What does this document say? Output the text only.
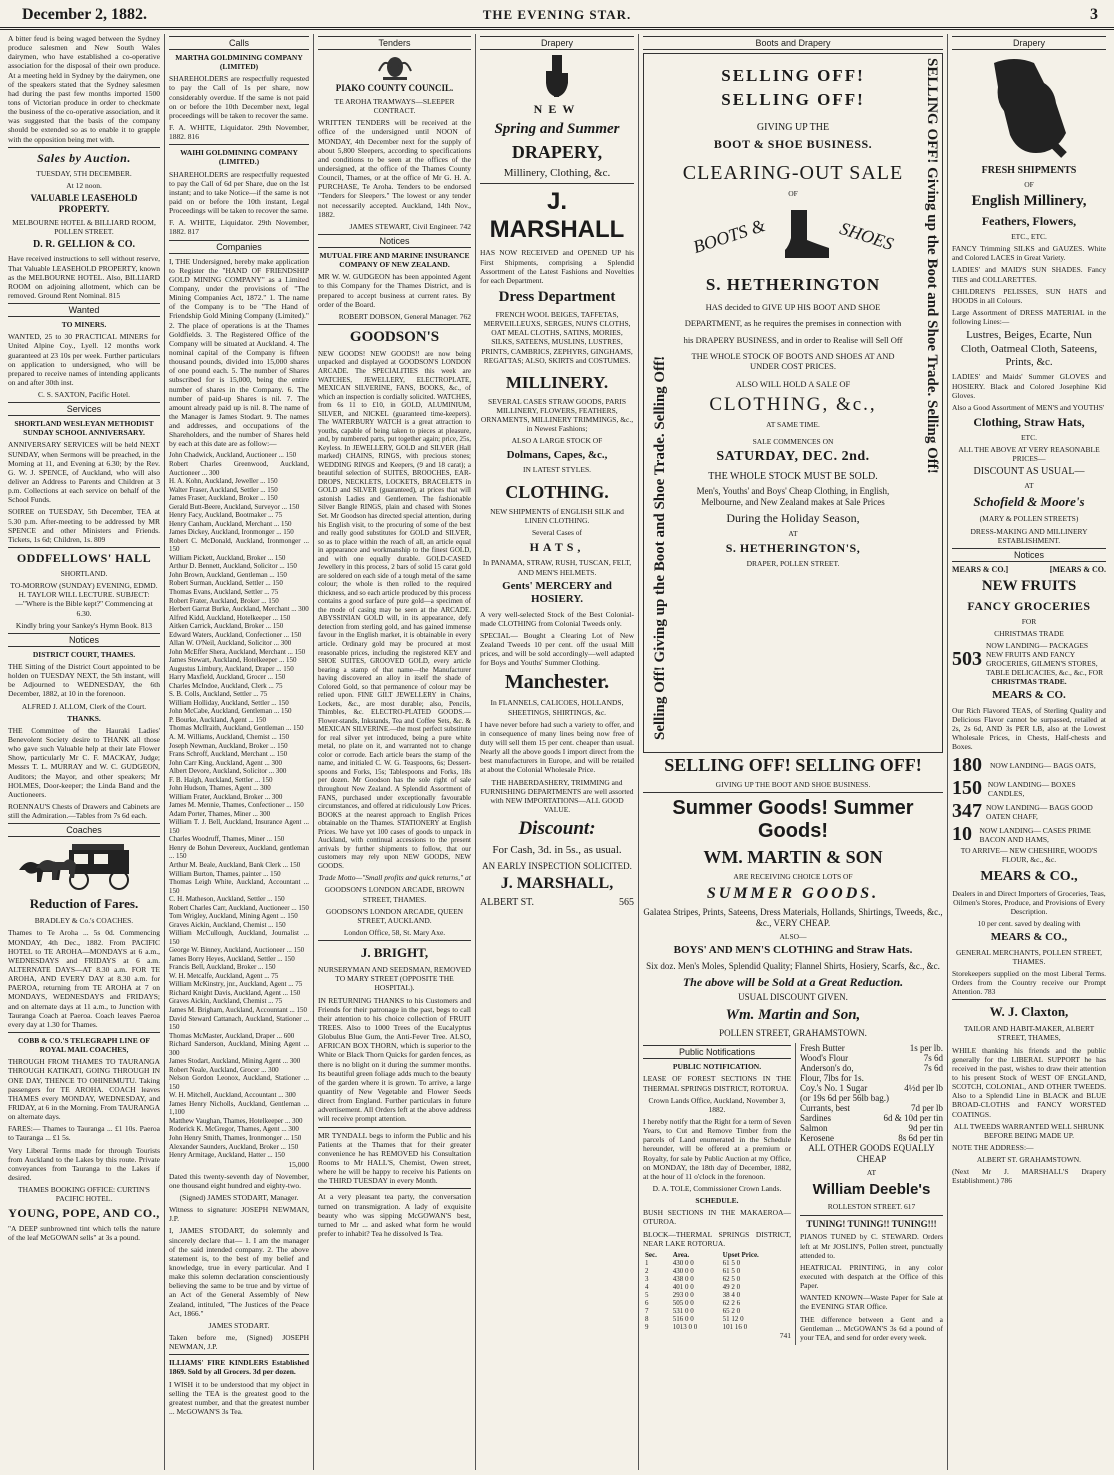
December 2, 1882.	THE EVENING STAR.	3

A bitter feud is being waged between the Sydney produce salesmen and New South Wales dairymen, who have established a co-operative association for the disposal of their own produce. At a meeting held in Sydney by the dairymen, one of the speakers stated that the Sydney salesmen had during the past few months imported 1500 tons of Victorian produce in order to checkmate the business of the co-operative association, and it was suggested that the basis of the company should be extended so as to enable it to grapple with the opposition being met with.

Sales by Auction.

TUESDAY, 5TH DECEMBER.

At 12 noon.

VALUABLE LEASEHOLD PROPERTY.

MELBOURNE HOTEL & BILLIARD ROOM, POLLEN STREET.

D. R. GELLION & CO.

Have received instructions to sell without reserve, That Valuable LEASEHOLD PROPERTY, known as the MELBOURNE HOTEL. Also, BILLIARD ROOM on adjoining allotment, which can be removed. Ground Rent Nominal. 815

Wanted

TO MINERS.

WANTED, 25 to 30 PRACTICAL MINERS for United Alpine Coy., Lyell. 12 months work guaranteed at 23 10s per week. Further particulars on application to undersigned, who will be prepared to receive names of intending applicants on and after 30th inst.

C. S. SAXTON, Pacific Hotel.

Services

SHORTLAND WESLEYAN METHODIST SUNDAY SCHOOL ANNIVERSARY.

ANNIVERSARY SERVICES will be held NEXT SUNDAY, when Sermons will be preached, in the Morning at 11, and Evening at 6.30; by the Rev. G. W. J. SPENCE, of Auckland, who will also deliver an Address to Parents and Children at 3 p.m. Collections at each service on behalf of the School Funds.

SOIREE on TUESDAY, 5th December, TEA at 5.30 p.m. After-meeting to be addressed by MR SPENCE and other Ministers and Friends. Tickets, 1s 6d; Children, 1s. 809

ODDFELLOWS' HALL

SHORTLAND.

TO-MORROW (SUNDAY) EVENING, EDMD. H. TAYLOR WILL LECTURE. SUBJECT:—"Where is the Bible kept?" Commencing at 6.30.

Kindly bring your Sankey's Hymn Book. 813

Notices

DISTRICT COURT, THAMES.

THE Sitting of the District Court appointed to be holden on TUESDAY NEXT, the 5th instant, will be Adjourned to WEDNESDAY, the 6th December, 1882, at 10 in the forenoon.

ALFRED J. ALLOM, Clerk of the Court.

THANKS.

THE Committee of the Hauraki Ladies' Benevolent Society desire to THANK all those who gave such Valuable help at their late Flower Show, particularly Mr C. F. MACKAY, Judge; Messrs T. L. MURRAY and W. C. GUDGEON, Auditors; the Mayor, and other speakers; Mr HOLMES, Door-keeper; the Linda Band and the Auctioneers.

ROENNAU'S Chests of Drawers and Cabinets are still the Admiration.—Tables from 7s 6d each.

Coaches

Reduction of Fares.

BRADLEY & Co.'s COACHES.

Thames to Te Aroha ... 5s 0d. Commencing MONDAY, 4th Dec., 1882. From PACIFIC HOTEL to TE AROHA—MONDAYS at 6 a.m., WEDNESDAYS and FRIDAYS at 6 a.m. ALTERNATE DAYS—AT 8.30 a.m. FOR TE AROHA, AND EVERY DAY at 8.30 a.m. for PAEROA, returning from TE AROHA at 7 on MONDAYS, WEDNESDAYS and FRIDAYS; and on alternate days at 11 a.m., to Junction with Tauranga Coach at Paeroa. Coach leaves Paeroa every day at 1.30 for Thames.

COBB & CO.'S TELEGRAPH LINE OF ROYAL MAIL COACHES,

THROUGH FROM THAMES TO TAURANGA THROUGH KATIKATI, GOING THROUGH IN ONE DAY, THENCE TO OHINEMUTU. Taking passengers for TE AROHA. COACH leaves THAMES every MONDAY, WEDNESDAY, and FRIDAY, at 6 in the Morning. From TAURANGA on alternate days.

FARES:— Thames to Tauranga ... £1 10s. Paeroa to Tauranga ... £1 5s.

Very Liberal Terms made for through Tourists from Auckland to the Lakes by this route. Private conveyances from Tauranga to the Lakes if desired.

THAMES BOOKING OFFICE: CURTIN'S PACIFIC HOTEL.

YOUNG, POPE, AND CO.,

"A DEEP sunbrowned tint which tells the nature of the leaf McGOWAN sells" at 3s a pound.

Calls

MARTHA GOLDMINING COMPANY (LIMITED)

SHAREHOLDERS are respectfully requested to pay the Call of 1s per share, now considerably overdue. If the same is not paid on or before the 10th December next, legal proceedings will be taken to recover the same.

F. A. WHITE, Liquidator. 29th November, 1882. 816

WAIHI GOLDMINING COMPANY (LIMITED.)

SHAREHOLDERS are respectfully requested to pay the Call of 6d per Share, due on the 1st instant; and to take Notice—if the same is not paid on or before the 10th instant, Legal Proceedings will be taken to recover the same.

F. A. WHITE, Liquidator. 29th November, 1882. 817

Companies

I, THE Undersigned, hereby make application to Register the "HAND OF FRIENDSHIP GOLD MINING COMPANY" as a Limited Company, under the provisions of "The Mining Companies Act, 1872." 1. The name of the Company is to be "The Hand of Friendship Gold Mining Company (Limited)." 2. The place of operations is at the Thames Goldfields. 3. The Registered Office of the Company will be situated at Auckland. 4. The nominal capital of the Company is fifteen thousand pounds, divided into 15,000 shares of one pound each. 5. The number of Shares subscribed for is 15,000, being the entire number of shares in the Company. 6. The number of paid-up Shares is nil. 7. The amount already paid up is nil. 8. The name of the Manager is James Stodart. 9. The names and addresses, and occupations of the Shareholders, and the number of Shares held by each at this date are as follow:—

John Chadwick, Auckland, Auctioneer ... 150

Robert Charles Greenwood, Auckland, Auctioneer ... 300

H. A. Kohn, Auckland, Jeweller ... 150

Walter Fraser, Auckland, Settler ... 150

James Fraser, Auckland, Broker ... 150

Gerald Butt-Beere, Auckland, Surveyor ... 150

Henry Facy, Auckland, Bootmaker ... 75

Henry Canham, Auckland, Merchant ... 150

James Dickey, Auckland, Ironmonger ... 150

Robert C. McDonald, Auckland, Ironmonger ... 150

William Pickett, Auckland, Broker ... 150

Arthur D. Bennett, Auckland, Solicitor ... 150

John Brown, Auckland, Gentleman ... 150

Robert Surman, Auckland, Settler ... 150

Thomas Evans, Auckland, Settler ... 75

Robert Frater, Auckland, Broker ... 150

Herbert Garrat Burke, Auckland, Merchant ... 300

Alfred Kidd, Auckland, Hotelkeeper ... 150

Aitken Carrick, Auckland, Broker ... 150

Edward Waters, Auckland, Confectioner ... 150

Allan W. O'Neil, Auckland, Solicitor ... 300

John McEffer Shera, Auckland, Merchant ... 150

James Stewart, Auckland, Hotelkeeper ... 150

Augustus Limbury, Auckland, Draper ... 150

Harry Maxfield, Auckland, Grocer ... 150

Charles McIndoe, Auckland, Clerk ... 75

S. B. Colls, Auckland, Settler ... 75

William Holliday, Auckland, Settler ... 150

John McCabe, Auckland, Gentleman ... 150

P. Bourke, Auckland, Agent ... 150

Thomas McIlraith, Auckland, Gentleman ... 150

A. M. Williams, Auckland, Chemist ... 150

Joseph Newman, Auckland, Broker ... 150

Frans Schroff, Auckland, Merchant ... 150

John Carr King, Auckland, Agent ... 300

Albert Devore, Auckland, Solicitor ... 300

F. B. Haigh, Auckland, Settler ... 150

John Hudson, Thames, Agent ... 300

William Frater, Auckland, Broker ... 300

James M. Mennie, Thames, Confectioner ... 150

Adam Porter, Thames, Miner ... 300

William T. J. Bell, Auckland, Insurance Agent ... 150

Charles Woodruff, Thames, Miner ... 150

Henry de Bohun Devereux, Auckland, gentleman ... 150

Arthur M. Beale, Auckland, Bank Clerk ... 150

William Burton, Thames, painter ... 150

Thomas Leigh White, Auckland, Accountant ... 150

C. H. Matheson, Auckland, Settler ... 150

Robert Charles Carr, Auckland, Auctioneer ... 150

Tom Wrigley, Auckland, Mining Agent ... 150

Graves Aickin, Auckland, Chemist ... 150

William McCullough, Auckland, Journalist ... 150

George W. Binney, Auckland, Auctioneer ... 150

James Borry Heyes, Auckland, Settler ... 150

Francis Bell, Auckland, Broker ... 150

W. H. Metcalfe, Auckland, Agent ... 75

William McKinstry, jnr., Auckland, Agent ... 75

Richard Knight Davis, Auckland, Agent ... 150

Graves Aickin, Auckland, Chemist ... 75

James M. Brigham, Auckland, Accountant ... 150

David Steward Cattanach, Auckland, Stationer ... 150

Thomas McMaster, Auckland, Draper ... 600

Richard Sanderson, Auckland, Mining Agent ... 300

James Stodart, Auckland, Mining Agent ... 300

Robert Neale, Auckland, Grocer ... 300

Nelson Gordon Leonox, Auckland, Stationer ... 150

W. H. Mitchell, Auckland, Accountant ... 300

James Henry Nicholls, Auckland, Gentleman ... 1,100

Matthew Vaughan, Thames, Hotelkeeper ... 300

Roderick K. McGregor, Thames, Agent ... 300

John Henry Smith, Thames, Ironmonger ... 150

Alexander Saunders, Auckland, Broker ... 150

Henry Armitage, Auckland, Hatter ... 150

15,000

Dated this twenty-seventh day of November, one thousand eight hundred and eighty-two.

(Signed) JAMES STODART, Manager.

Witness to signature: JOSEPH NEWMAN, J.P.

I, JAMES STODART, do solemnly and sincerely declare that— 1. I am the manager of the said intended company. 2. The above statement is, to the best of my belief and knowledge, true in every particular. And I make this solemn declaration conscientiously believing the same to be true and by virtue of an Act of the General Assembly of New Zealand, intituled, "The Justices of the Peace Act, 1866."

JAMES STODART.

Taken before me, (Signed) JOSEPH NEWMAN, J.P.

ILLIAMS' FIRE KINDLERS Established 1869. Sold by all Grocers. 3d per dozen.

I WISH it to be understood that my object in selling the TEA is the greatest good to the greatest number, and that the greatest number ... McGOWAN'S 3s Tea.

Tenders

PIAKO COUNTY COUNCIL.

TE AROHA TRAMWAYS—SLEEPER CONTRACT.

WRITTEN TENDERS will be received at the office of the undersigned until NOON of MONDAY, 4th December next for the supply of about 5,800 Sleepers, according to specifications and conditions to be seen at the offices of the undersigned, at the office of the Thames County Council, Thames, or at the office of Mr G. H. A. PURCHASE, Te Aroha. Tenders to be endorsed "Tenders for Sleepers." The lowest or any tender not necessarily accepted. Auckland, 14th Nov., 1882.

JAMES STEWART, Civil Engineer. 742

Notices

MUTUAL FIRE AND MARINE INSURANCE COMPANY OF NEW ZEALAND.

MR W. W. GUDGEON has been appointed Agent to this Company for the Thames District, and is prepared to accept business at current rates. By order of the Board.

ROBERT DOBSON, General Manager. 762

GOODSON'S

NEW GOODS! NEW GOODS!! are now being unpacked and displayed at GOODSON'S LONDON ARCADE. The SPECIALITIES this week are WATCHES, JEWELLERY, ELECTROPLATE, MEXICAN SILVERINE, FANS, BOOKS, &c., of which an inspection is cordially solicited. WATCHES, from 6s 11 to £10, in GOLD, ALUMINIUM, SILVER, and NICKEL (guaranteed time-keepers). The WATERBURY WATCH is a great attraction to youths, capable of being taken to pieces at pleasure, and, by numbered parts, put together again; price, 25s, Keyless. In JEWELLERY, GOLD and SILVER (Hall marked) CHAINS, RINGS, with precious stones; WEDDING RINGS and Keepers, (9 and 18 carat); a beautiful selection of SUITES, BROOCHES, EAR-DROPS, NECKLETS, LOCKETS, BRACELETS in GOLD and SILVER (guaranteed), at prices that will astonish Ladies and Gentlemen. The fashionable Silver Bangle RINGS, plain and chased with Stones Set. Mr Goodson has directed special attention, during his English visit, to the procuring of some of the best and really good substitutes for GOLD and SILVER, so as to place within the reach of all, an article equal in appearance and workmanship to the finest GOLD, and with one equally durable. GOLD-CASED Jewellery in this process, 2 bars of solid 15 carat gold are soldered on each side of a tough metal of the same colour; the whole is then rolled to the required thickness, and so each article produced by this process contains a good surface of pure gold—a specimen of the mode of casing may be seen at the ARCADE. ABYSSINIAN GOLD will, in its appearance, defy detection from sterling gold, and has gained immense favour in the English market, it is obtainable in every article. Ordinary gold may be procured at most reasonable prices, including the registered KEY and SHOE SUITES, GROOVED GOLD, every article bearing a stamp of that name—the Manufacturer having discovered an alloy in itself the shade of Colored Gold, so that permanence of colour may be relied upon. FINE GILT JEWELLERY in Chains, Lockets, &c., are most durable; also, Pencils, Thimbles, &c. ELECTRO-PLATED GOODS.—Flower-stands, Inkstands, Tea and Coffee Sets, &c. & MEXICAN SILVERINE.—the most perfect substitute for real silver yet introduced, being a pure white metal, no plate on it, and warranted not to change color or corrode. Each article bears the stamp of the name, and initialed C. W. G. Teaspoons, 6s; Dessert-spoons and Forks, 15s; Tablespoons and Forks, 18s per dozen. Mr Goodson has the sole right of sale throughout New Zealand. A Splendid Assortment of FANS, purchased under exceptionally favourable circumstances, and offered at ridiculously Low Prices. BOOKS at the nearest approach to English Prices obtainable on the Thames. STATIONERY at English Prices. We have yet 100 cases of goods to unpack in Auckland, with continual accessions to the present arrivals by further shipments to follow, that our customers may rely upon NEW GOODS, NEW GOODS.

Trade Motto—"Small profits and quick returns," at

GOODSON'S LONDON ARCADE, BROWN STREET, THAMES.

GOODSON'S LONDON ARCADE, QUEEN STREET, AUCKLAND.

London Office, 58, St. Mary Axe.

J. BRIGHT,

NURSERYMAN AND SEEDSMAN, REMOVED TO MARY STREET (OPPOSITE THE HOSPITAL).

IN RETURNING THANKS to his Customers and Friends for their patronage in the past, begs to call their attention to his choice collection of FRUIT TREES. Also to 1000 Trees of the Eucalyptus Globulus Blue Gum, the Anti-Fever Tree. ALSO, AFRICAN BOX THORN, which is superior to the White or Black Thorn Quicks for garden fences, as there is no blight on it during the summer months. Its beautiful green foliage adds much to the beauty of the garden where it is grown. To arrive, a large quantity of New Vegetable and Flower Seeds direct from England. Further particulars in future advertisement. All Orders left at the above address will receive prompt attention.

MR TYNDALL begs to inform the Public and his Patients at the Thames that for their greater convenience he has REMOVED his Consultation Rooms to Mr HALL'S, Chemist, Owen street, where he will be happy to receive his Patients on the THIRD TUESDAY in every Month.

At a very pleasant tea party, the conversation turned on transmigration. A lady of exquisite beauty who was sipping McGOWAN'S best, turned to Mr ... and asked what form he would prefer to inhabit? Tea he dissolved Is Tea.

Drapery

NEW

Spring and Summer

DRAPERY,

Millinery, Clothing, &c.

J. MARSHALL

HAS NOW RECEIVED and OPENED UP his First Shipments, comprising a Splendid Assortment of the Latest Fashions and Novelties for each Department.

Dress Department

FRENCH WOOL BEIGES, TAFFETAS, MERVEILLEUXS, SERGES, NUN'S CLOTHS, OAT MEAL CLOTHS, SATINS, MORIES, SILKS, SATEENS, MUSLINS, LUSTRES, PRINTS, CAMBRICS, ZEPHYRS, GINGHAMS, REGATTAS; ALSO, SKIRTS and COSTUMES.

MILLINERY.

SEVERAL CASES STRAW GOODS, PARIS MILLINERY, FLOWERS, FEATHERS, ORNAMENTS, MILLINERY TRIMMINGS, &c., in Newest Fashions;

ALSO A LARGE STOCK OF

Dolmans, Capes, &c.,

IN LATEST STYLES.

CLOTHING.

NEW SHIPMENTS of ENGLISH SILK and LINEN CLOTHING.

Several Cases of

HATS,

In PANAMA, STRAW, RUSH, TUSCAN, FELT, AND MEN'S HELMETS.

Gents' MERCERY and HOSIERY.

A very well-selected Stock of the Best Colonial-made CLOTHING from Colonial Tweeds only.

SPECIAL— Bought a Clearing Lot of New Zealand Tweeds 10 per cent. off the usual Mill prices, and will be sold accordingly—well adapted for Boys and Youths' Summer Clothing.

Manchester.

In FLANNELS, CALICOES, HOLLANDS, SHEETINGS, SHIRTINGS, &c.

I have never before had such a variety to offer, and in consequence of many lines being now free of duty will sell them 15 per cent. cheaper than usual. Nearly all the above goods I import direct from the best manufacturers in Europe, and will be retailed at about the Colonial Wholesale Price.

THE HABERDASHERY, TRIMMING and FURNISHING DEPARTMENTS are well assorted with NEW IMPORTATIONS—ALL GOOD VALUE.

Discount:

For Cash, 3d. in 5s., as usual.

AN EARLY INSPECTION SOLICITED.

J. MARSHALL,

ALBERT ST.	565
Boots and Drapery

SELLING OFF!

SELLING OFF!

GIVING UP THE

BOOT & SHOE BUSINESS.

CLEARING-OUT SALE

OF

BOOTS &	SHOES

S. HETHERINGTON

HAS decided to GIVE UP HIS BOOT AND SHOE DEPARTMENT, as he requires the premises in connection with his DRAPERY BUSINESS, and in order to Realise will Sell Off

THE WHOLE STOCK OF BOOTS AND SHOES AT AND UNDER COST PRICES.

ALSO WILL HOLD A SALE OF

CLOTHING, &c.,

AT SAME TIME.

SALE COMMENCES ON

SATURDAY, DEC. 2nd.

THE WHOLE STOCK MUST BE SOLD.

Men's, Youths' and Boys' Cheap Clothing, in English, Melbourne, and New Zealand makes at Sale Prices

During the Holiday Season,

AT

S. HETHERINGTON'S,

DRAPER, POLLEN STREET.

SELLING OFF! SELLING OFF!

GIVING UP THE BOOT AND SHOE BUSINESS.

Summer Goods! Summer Goods!

WM. MARTIN & SON

ARE RECEIVING CHOICE LOTS OF

SUMMER GOODS.

Galatea Stripes, Prints, Sateens, Dress Materials, Hollands, Shirtings, Tweeds, &c., &c., VERY CHEAP.

ALSO—

BOYS' AND MEN'S CLOTHING and Straw Hats.

Six doz. Men's Moles, Splendid Quality; Flannel Shirts, Hosiery, Scarfs, &c., &c.

The above will be Sold at a Great Reduction.

USUAL DISCOUNT GIVEN.

Wm. Martin and Son,

POLLEN STREET, GRAHAMSTOWN.

Public Notifications

PUBLIC NOTIFICATION.

LEASE OF FOREST SECTIONS IN THE THERMAL SPRINGS DISTRICT, ROTORUA.

Crown Lands Office, Auckland, November 3, 1882.

I hereby notify that the Right for a term of Seven Years, to Cut and Remove Timber from the parcels of Land enumerated in the Schedule hereunder, will be offered at a premium or Royalty, for sale by Public Auction at my Office, on MONDAY, the 18th day of December, 1882, at the hour of 11 o'clock in the forenoon.

D. A. TOLE, Commissioner Crown Lands.

SCHEDULE.

BUSH SECTIONS IN THE MAKAEROA—OTUROA.

BLOCK—THERMAL SPRINGS DISTRICT, NEAR LAKE ROTORUA.

Sec.	Area.	Upset Price.
1	430 0 0	61 5 0
2	430 0 0	61 5 0
3	438 0 0	62 5 0
4	401 0 0	49 2 0
5	293 0 0	38 4 0
6	505 0 0	62 2 6
7	531 0 0	65 2 0
8	516 0 0	51 12 0
9	1013 0 0	101 16 0

741

Fresh Butter	1s per lb.
Wood's Flour	7s 6d
Anderson's do,	7s 6d
Flour, 7lbs for 1s.
Coy.'s No. 1 Sugar	4½d per lb
(or 19s 6d per 56lb bag.)
Currants, best	7d per lb
Sardines	6d & 10d per tin
Salmon	9d per tin
Kerosene	8s 6d per tin

ALL OTHER GOODS EQUALLY CHEAP

AT

William Deeble's

ROLLESTON STREET. 617

TUNING! TUNING!! TUNING!!!

PIANOS TUNED by C. STEWARD. Orders left at Mr JOSLIN'S, Pollen street, punctually attended to.

HEATRICAL PRINTING, in any color executed with despatch at the Office of this Paper.

WANTED KNOWN—Waste Paper for Sale at the EVENING STAR Office.

THE difference between a Gent and a Gentleman ... McGOWAN'S 3s 6d a pound of your TEA, and send for order every week.

Selling Off! Giving up the Boot and Shoe Trade. Selling Off!
SELLING OFF! Giving up the Boot and Shoe Trade. Selling Off!
Drapery

FRESH SHIPMENTS

OF

English Millinery,

Feathers, Flowers,

ETC., ETC.

FANCY Trimming SILKS and GAUZES. White and Colored LACES in Great Variety.

LADIES' and MAID'S SUN SHADES. Fancy TIES and COLLARETTES.

CHILDREN'S PELISSES, SUN HATS and HOODS in all Colours.

Large Assortment of DRESS MATERIAL in the following Lines:—

Lustres, Beiges, Ecarte, Nun Cloth, Oatmeal Cloth, Sateens, Prints, &c.

LADIES' and Maids' Summer GLOVES and HOSIERY. Black and Colored Josephine Kid Gloves.

Also a Good Assortment of MEN'S and YOUTHS'

Clothing, Straw Hats,

ETC.

ALL THE ABOVE AT VERY REASONABLE PRICES—

DISCOUNT AS USUAL—

AT

Schofield & Moore's

(MARY & POLLEN STREETS)

DRESS-MAKING AND MILLINERY ESTABLISHMENT.

Notices
MEARS & CO.]	[MEARS & CO.

NEW FRUITS

FANCY GROCERIES

FOR

CHRISTMAS TRADE

503
NOW LANDING— PACKAGES NEW FRUITS AND FANCY GROCERIES, GILMEN'S STORES, TABLE DELICACIES, &c., &c., FOR

CHRISTMAS TRADE.

MEARS & CO.

Our Rich Flavored TEAS, of Sterling Quality and Delicious Flavor cannot be surpassed, retailed at 2s, 2s 6d, AND 3s PER LB, also at the Lowest Wholesale Prices, in Chests, Half-chests and Boxes.

180	NOW LANDING— BAGS OATS,
150 NOW LANDING— BOXES CANDLES,
347 NOW LANDING— BAGS GOOD OATEN CHAFF,
10	NOW LANDING— CASES PRIME BACON AND HAMS,

TO ARRIVE— NEW CHESHIRE, WOOD'S FLOUR, &c., &c.

MEARS & CO.,

Dealers in and Direct Importers of Groceries, Teas, Oilmen's Stores, Produce, and Provisions of Every Description.

10 per cent. saved by dealing with

MEARS & CO.,

GENERAL MERCHANTS, POLLEN STREET, THAMES.

Storekeepers supplied on the most Liberal Terms. Orders from the Country receive our Prompt Attention. 783

W. J. Claxton,

TAILOR AND HABIT-MAKER, ALBERT STREET, THAMES,

WHILE thanking his friends and the public generally for the LIBERAL SUPPORT he has received in the past, wishes to draw their attention to his present Stock of WEST OF ENGLAND, SCOTCH, COLONIAL, AND OTHER TWEEDS. Also to a Splendid Line in BLACK and BLUE BROAD-CLOTHS and FANCY WORSTED COATINGS.

ALL TWEEDS WARRANTED WELL SHRUNK BEFORE BEING MADE UP.

NOTE THE ADDRESS:—

ALBERT ST. GRAHAMSTOWN.

(Next Mr J. MARSHALL'S Drapery Establishment.) 786
